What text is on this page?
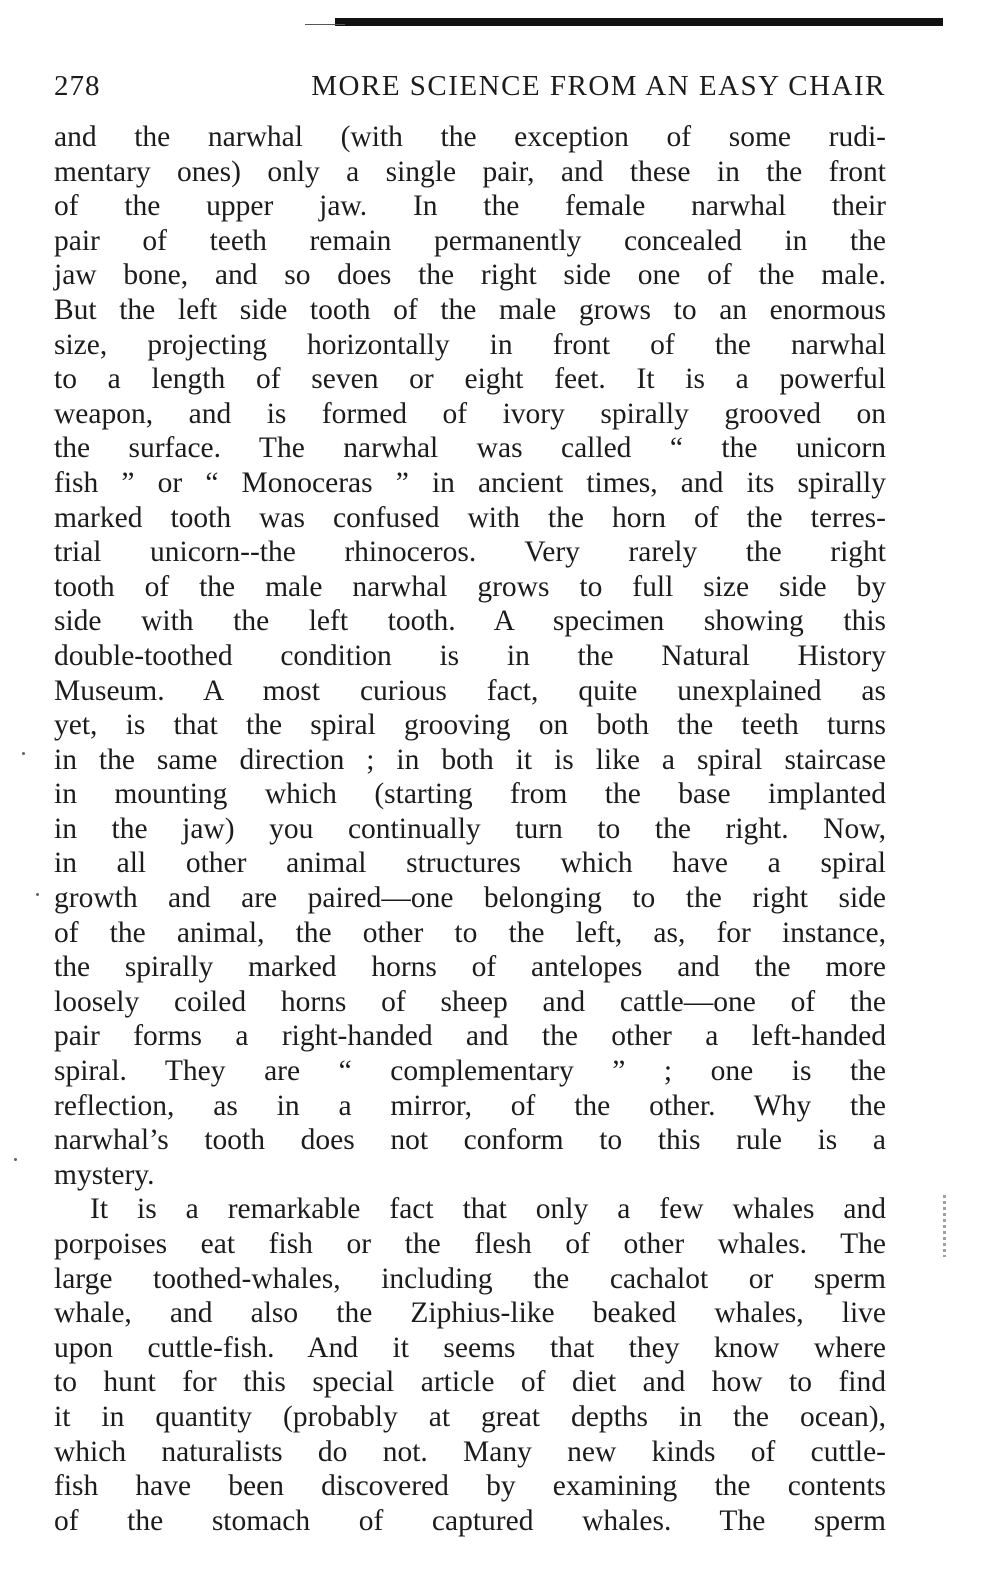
278	MORE SCIENCE FROM AN EASY CHAIR
and the narwhal (with the exception of some rudi-
mentary ones) only a single pair, and these in the front
of the upper jaw. In the female narwhal their
pair of teeth remain permanently concealed in the
jaw bone, and so does the right side one of the male.
But the left side tooth of the male grows to an enormous
size, projecting horizontally in front of the narwhal
to a length of seven or eight feet. It is a powerful
weapon, and is formed of ivory spirally grooved on
the surface. The narwhal was called “ the unicorn
fish ” or “ Monoceras ” in ancient times, and its spirally
marked tooth was confused with the horn of the terres-
trial unicorn--the rhinoceros. Very rarely the right
tooth of the male narwhal grows to full size side by
side with the left tooth. A specimen showing this
double-toothed condition is in the Natural History
Museum. A most curious fact, quite unexplained as
yet, is that the spiral grooving on both the teeth turns
in the same direction ; in both it is like a spiral staircase
in mounting which (starting from the base implanted
in the jaw) you continually turn to the right. Now,
in all other animal structures which have a spiral
growth and are paired—one belonging to the right side
of the animal, the other to the left, as, for instance,
the spirally marked horns of antelopes and the more
loosely coiled horns of sheep and cattle—one of the
pair forms a right-handed and the other a left-handed
spiral. They are “ complementary ” ; one is the
reflection, as in a mirror, of the other. Why the
narwhal’s tooth does not conform to this rule is a
mystery.
It is a remarkable fact that only a few whales and
porpoises eat fish or the flesh of other whales. The
large toothed-whales, including the cachalot or sperm
whale, and also the Ziphius-like beaked whales, live
upon cuttle-fish. And it seems that they know where
to hunt for this special article of diet and how to find
it in quantity (probably at great depths in the ocean),
which naturalists do not. Many new kinds of cuttle-
fish have been discovered by examining the contents
of the stomach of captured whales. The sperm
